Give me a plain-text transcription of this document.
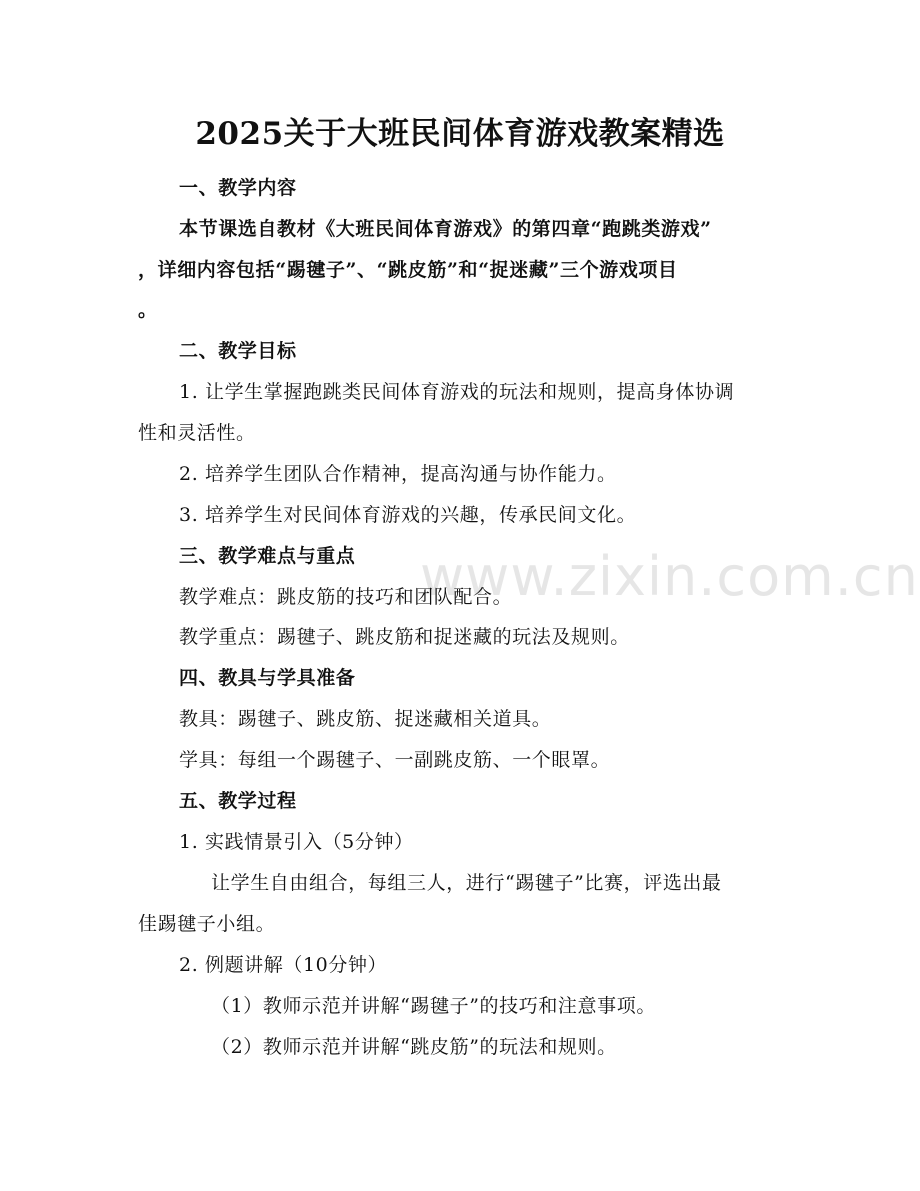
www.zixin.com.cn
2025关于大班民间体育游戏教案精选
一、教学内容
本节课选自教材《大班民间体育游戏》的第四章“跑跳类游戏”
，详细内容包括“踢毽子”、“跳皮筋”和“捉迷藏”三个游戏项目
。
二、教学目标
1. 让学生掌握跑跳类民间体育游戏的玩法和规则，提高身体协调
性和灵活性。
2. 培养学生团队合作精神，提高沟通与协作能力。
3. 培养学生对民间体育游戏的兴趣，传承民间文化。
三、教学难点与重点
教学难点：跳皮筋的技巧和团队配合。
教学重点：踢毽子、跳皮筋和捉迷藏的玩法及规则。
四、教具与学具准备
教具：踢毽子、跳皮筋、捉迷藏相关道具。
学具：每组一个踢毽子、一副跳皮筋、一个眼罩。
五、教学过程
1. 实践情景引入（5分钟）
让学生自由组合，每组三人，进行“踢毽子”比赛，评选出最
佳踢毽子小组。
2. 例题讲解（10分钟）
（1）教师示范并讲解“踢毽子”的技巧和注意事项。
（2）教师示范并讲解“跳皮筋”的玩法和规则。
